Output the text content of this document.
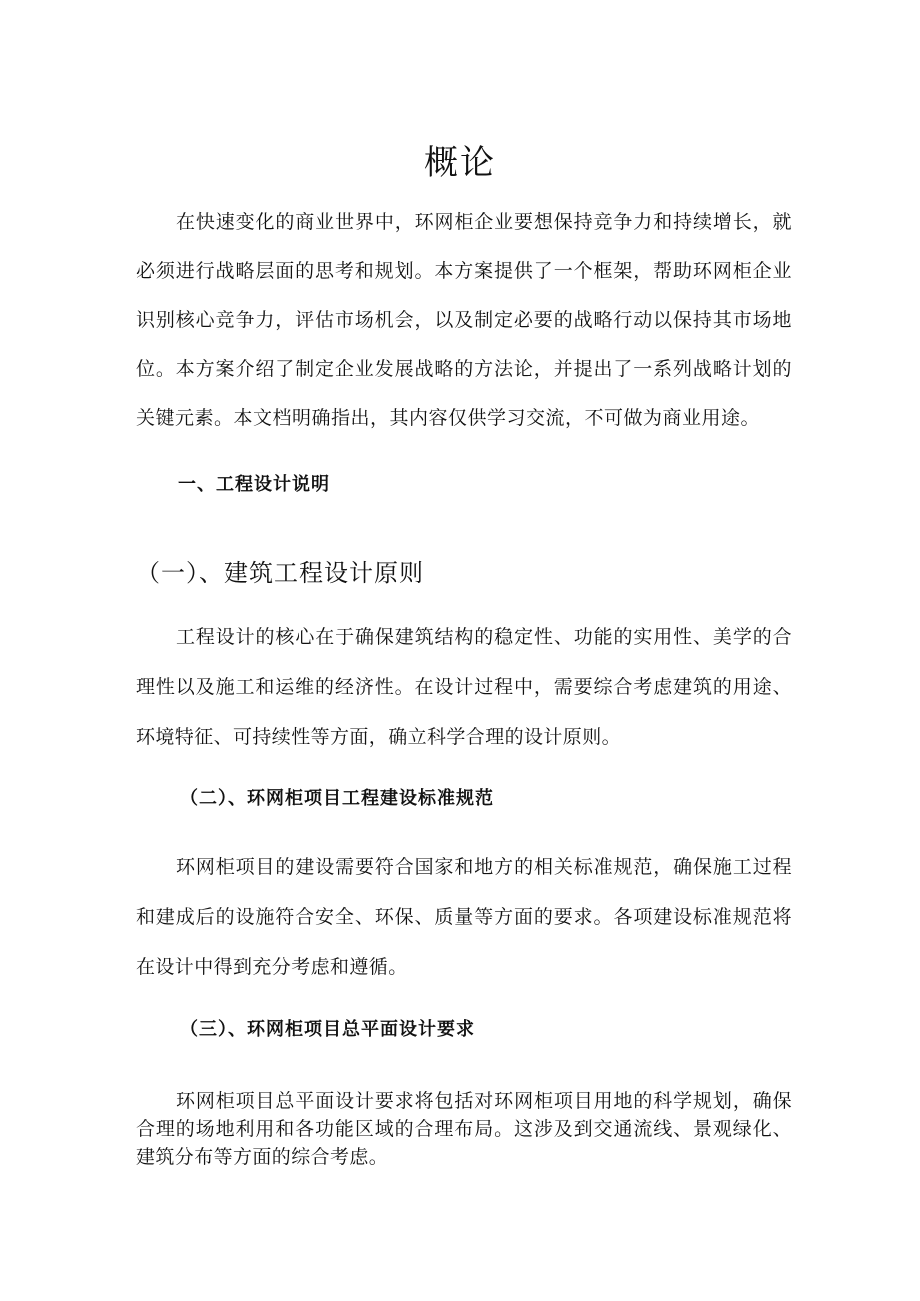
概论

在快速变化的商业世界中，环网柜企业要想保持竞争力和持续增长，就必须进行战略层面的思考和规划。本方案提供了一个框架，帮助环网柜企业识别核心竞争力，评估市场机会，以及制定必要的战略行动以保持其市场地位。本方案介绍了制定企业发展战略的方法论，并提出了一系列战略计划的关键元素。本文档明确指出，其内容仅供学习交流，不可做为商业用途。

一、工程设计说明
（一）、建筑工程设计原则

工程设计的核心在于确保建筑结构的稳定性、功能的实用性、美学的合理性以及施工和运维的经济性。在设计过程中，需要综合考虑建筑的用途、环境特征、可持续性等方面，确立科学合理的设计原则。

（二）、环网柜项目工程建设标准规范

环网柜项目的建设需要符合国家和地方的相关标准规范，确保施工过程和建成后的设施符合安全、环保、质量等方面的要求。各项建设标准规范将在设计中得到充分考虑和遵循。

（三）、环网柜项目总平面设计要求

环网柜项目总平面设计要求将包括对环网柜项目用地的科学规划，确保合理的场地利用和各功能区域的合理布局。这涉及到交通流线、景观绿化、建筑分布等方面的综合考虑。
